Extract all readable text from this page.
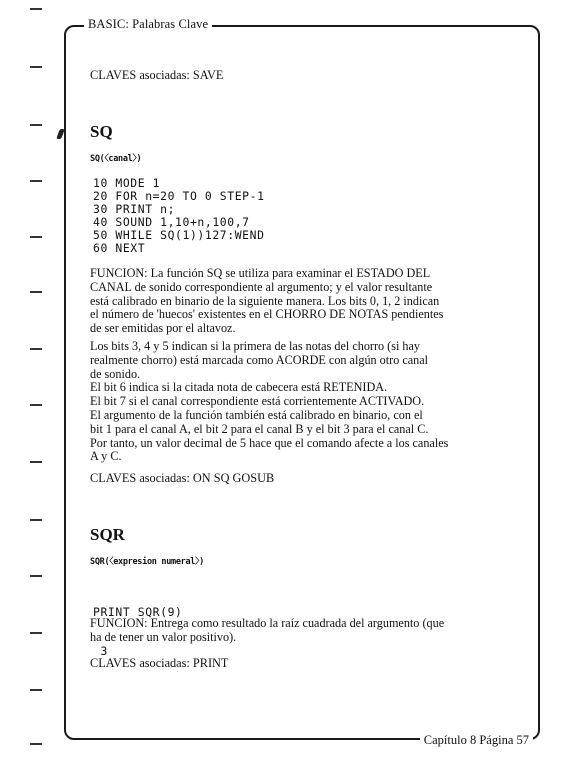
BASIC: Palabras Clave
Capítulo 8 Página 57
CLAVES asociadas: SAVE
SQ
SQ(〈canal〉)
10 MODE 1
20 FOR n=20 TO 0 STEP-1
30 PRINT n;
40 SOUND 1,10+n,100,7
50 WHILE SQ(1))127:WEND
60 NEXT
FUNCION: La función SQ se utiliza para examinar el ESTADO DEL
CANAL de sonido correspondiente al argumento; y el valor resultante
está calibrado en binario de la siguiente manera. Los bits 0, 1, 2 indican
el número de 'huecos' existentes en el CHORRO DE NOTAS pendientes
de ser emitidas por el altavoz.
Los bits 3, 4 y 5 indican si la primera de las notas del chorro (si hay
realmente chorro) está marcada como ACORDE con algún otro canal
de sonido.
El bit 6 indica si la citada nota de cabecera está RETENIDA.
El bit 7 si el canal correspondiente está corrientemente ACTIVADO.
El argumento de la función también está calibrado en binario, con el
bit 1 para el canal A, el bit 2 para el canal B y el bit 3 para el canal C.
Por tanto, un valor decimal de 5 hace que el comando afecte a los canales
A y C.
CLAVES asociadas: ON SQ GOSUB
SQR
SQR(〈expresion numeral〉)

PRINT SQR(9)

3

FUNCION: Entrega como resultado la raíz cuadrada del argumento (que
ha de tener un valor positivo).
CLAVES asociadas: PRINT
